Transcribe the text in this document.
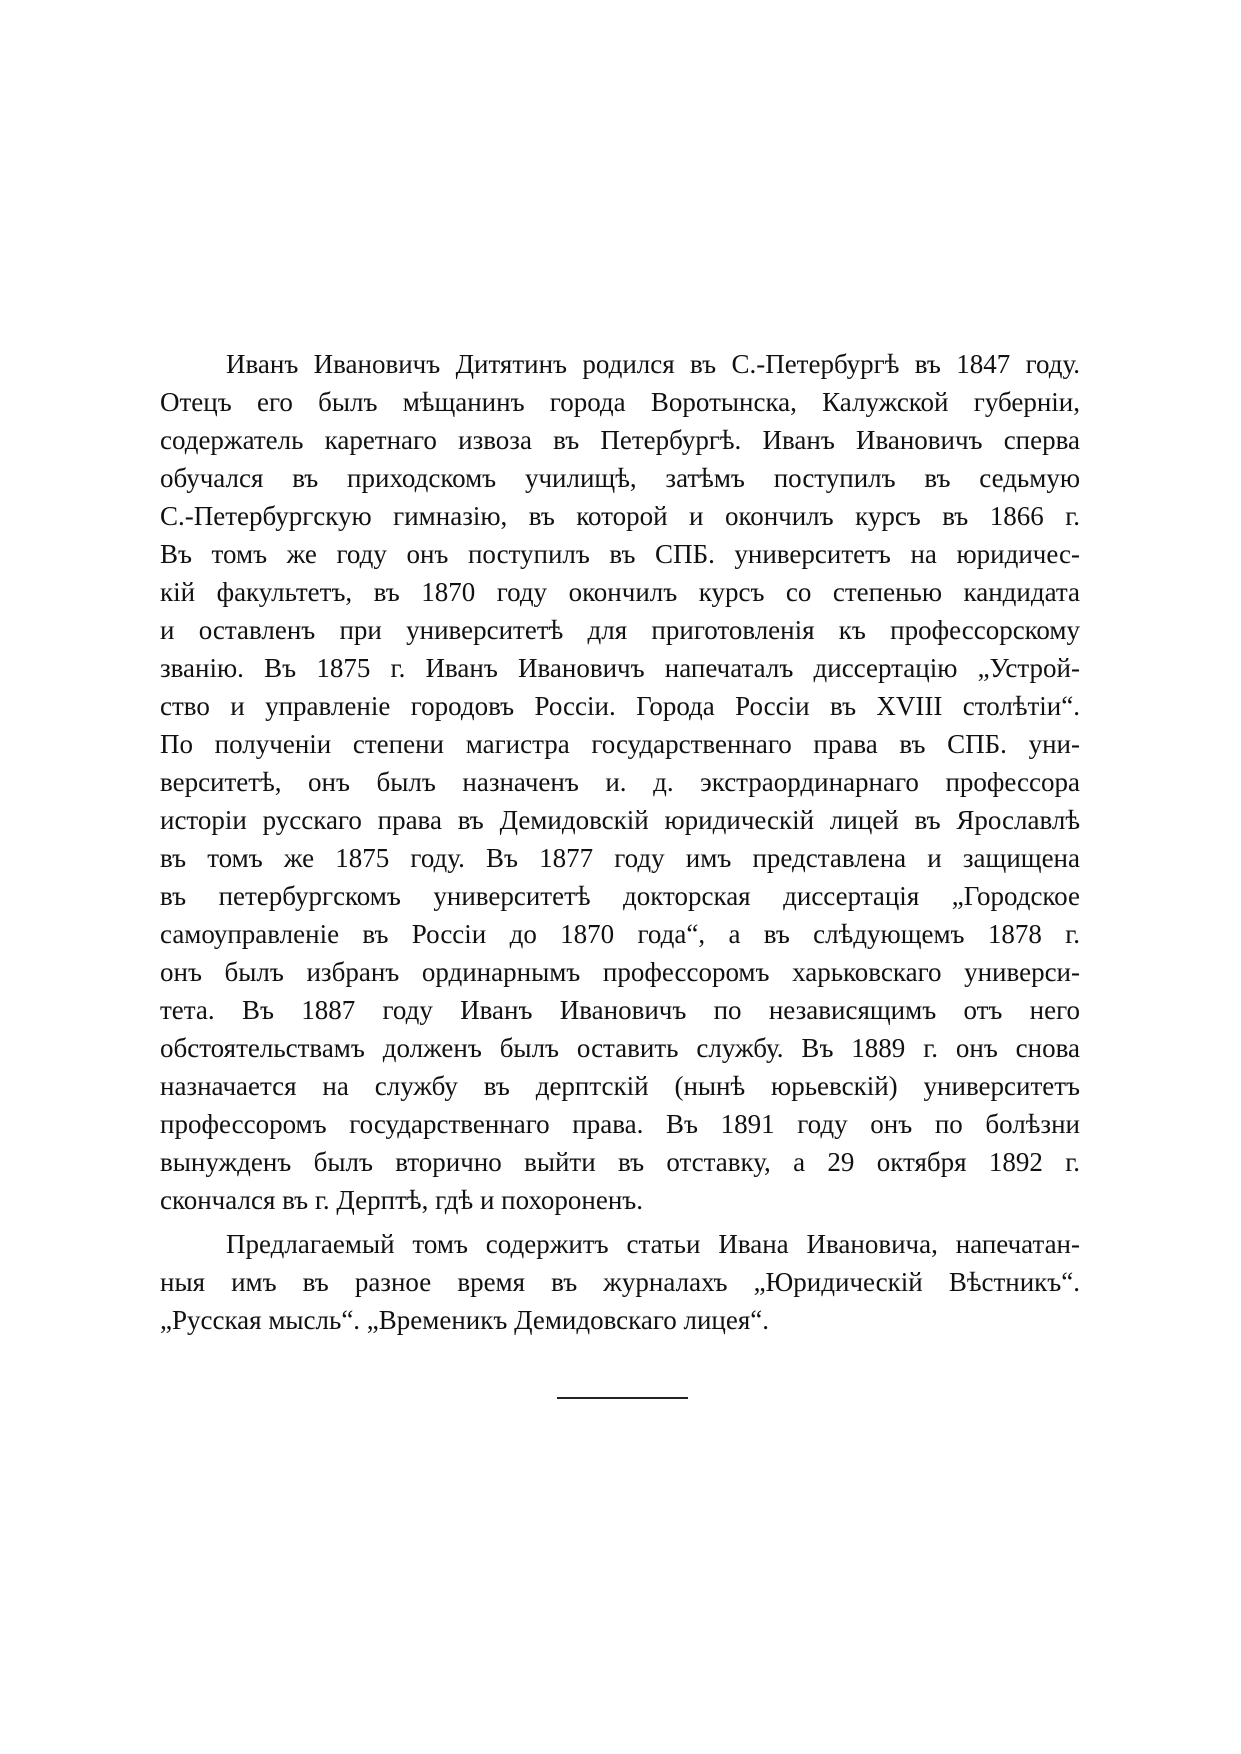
Иванъ Ивановичъ Дитятинъ родился въ С.-Петербургѣ въ 1847 году.
Отецъ его былъ мѣщанинъ города Воротынска, Калужской губерніи,
содержатель каретнаго извоза въ Петербургѣ. Иванъ Ивановичъ сперва
обучался въ приходскомъ училищѣ, затѣмъ поступилъ въ седьмую
С.-Петербургскую гимназію, въ которой и окончилъ курсъ въ 1866 г.
Въ томъ же году онъ поступилъ въ СПБ. университетъ на юридичес-
кій факультетъ, въ 1870 году окончилъ курсъ со степенью кандидата
и оставленъ при университетѣ для приготовленія къ профессорскому
званію. Въ 1875 г. Иванъ Ивановичъ напечаталъ диссертацію „Устрой-
ство и управленіе городовъ Россіи. Города Россіи въ XVIII столѣтіи“.
По полученіи степени магистра государственнаго права въ СПБ. уни-
верситетѣ, онъ былъ назначенъ и. д. экстраординарнаго профессора
исторіи русскаго права въ Демидовскій юридическій лицей въ Ярославлѣ
въ томъ же 1875 году. Въ 1877 году имъ представлена и защищена
въ петербургскомъ университетѣ докторская диссертація „Городское
самоуправленіе въ Россіи до 1870 года“, а въ слѣдующемъ 1878 г.
онъ былъ избранъ ординарнымъ профессоромъ харьковскаго универси-
тета. Въ 1887 году Иванъ Ивановичъ по независящимъ отъ него
обстоятельствамъ долженъ былъ оставить службу. Въ 1889 г. онъ снова
назначается на службу въ дерптскій (нынѣ юрьевскій) университетъ
профессоромъ государственнаго права. Въ 1891 году онъ по болѣзни
вынужденъ былъ вторично выйти въ отставку, а 29 октября 1892 г.
скончался въ г. Дерптѣ, гдѣ и похороненъ.
Предлагаемый томъ содержитъ статьи Ивана Ивановича, напечатан-
ныя имъ въ разное время въ журналахъ „Юридическій Вѣстникъ“.
„Русская мысль“. „Временикъ Демидовскаго лицея“.
